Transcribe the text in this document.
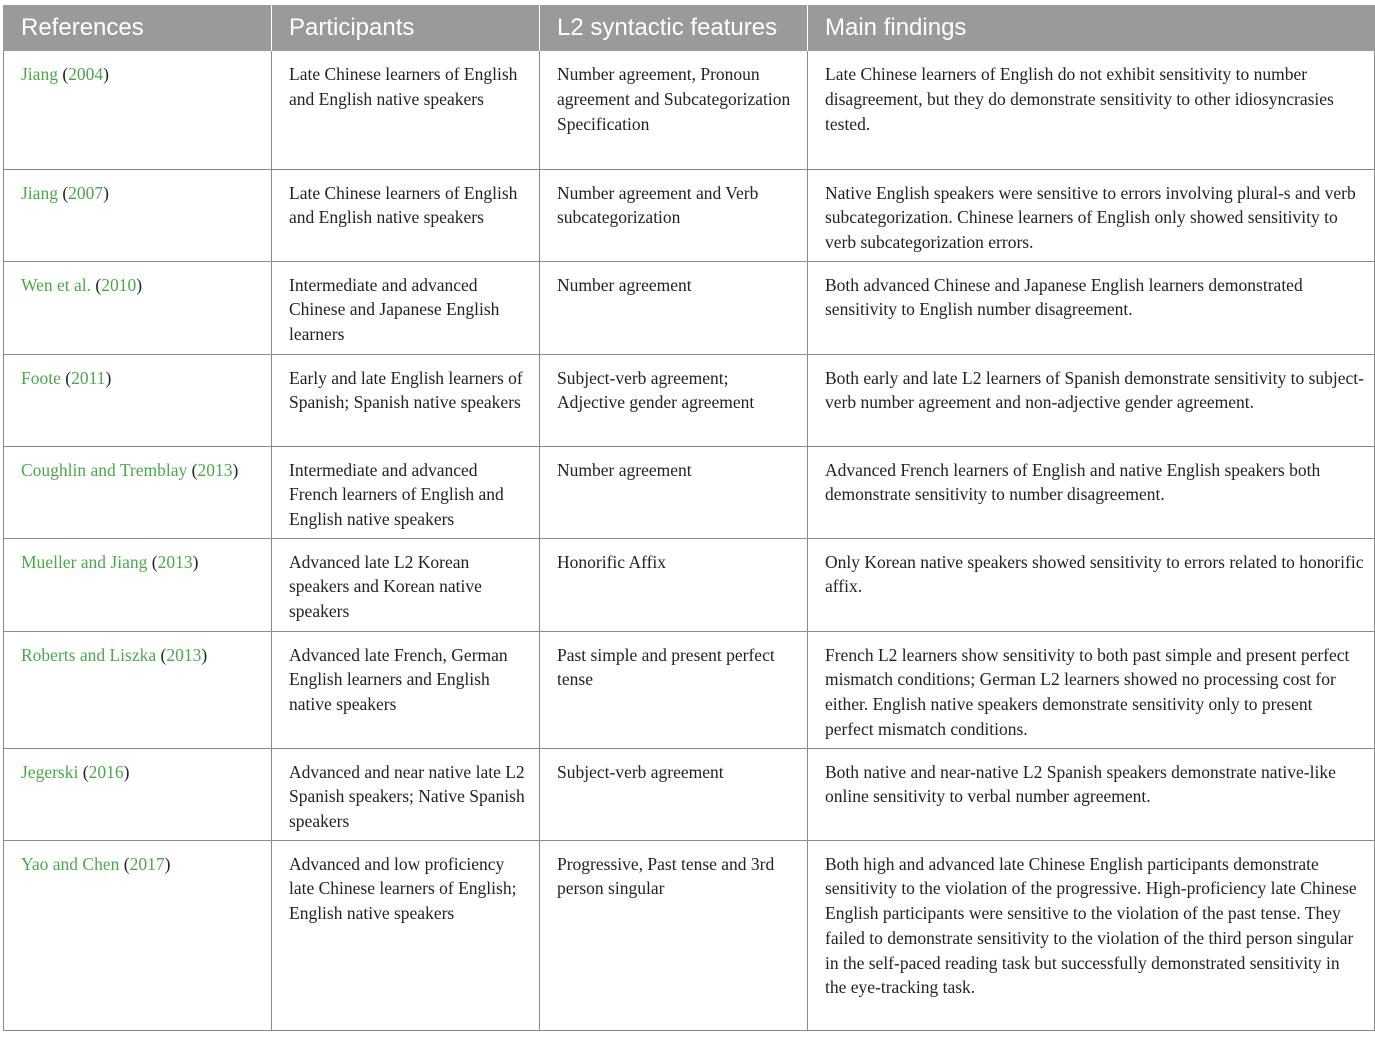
References	Participants	L2 syntactic features	Main findings
Jiang (2004)	Late Chinese learners of English and English native speakers	Number agreement, Pronoun agreement and Subcategorization Specification	Late Chinese learners of English do not exhibit sensitivity to number disagreement, but they do demonstrate sensitivity to other idiosyncrasies tested.
Jiang (2007)	Late Chinese learners of English and English native speakers	Number agreement and Verb subcategorization	Native English speakers were sensitive to errors involving plural-s and verb subcategorization. Chinese learners of English only showed sensitivity to verb subcategorization errors.
Wen et al. (2010)	Intermediate and advanced Chinese and Japanese English learners	Number agreement	Both advanced Chinese and Japanese English learners demonstrated sensitivity to English number disagreement.
Foote (2011)	Early and late English learners of Spanish; Spanish native speakers	Subject-verb agreement; Adjective gender agreement	Both early and late L2 learners of Spanish demonstrate sensitivity to subject-verb number agreement and non-adjective gender agreement.
Coughlin and Tremblay (2013)	Intermediate and advanced French learners of English and English native speakers	Number agreement	Advanced French learners of English and native English speakers both demonstrate sensitivity to number disagreement.
Mueller and Jiang (2013)	Advanced late L2 Korean speakers and Korean native speakers	Honorific Affix	Only Korean native speakers showed sensitivity to errors related to honorific affix.
Roberts and Liszka (2013)	Advanced late French, German English learners and English native speakers	Past simple and present perfect tense	French L2 learners show sensitivity to both past simple and present perfect mismatch conditions; German L2 learners showed no processing cost for either. English native speakers demonstrate sensitivity only to present perfect mismatch conditions.
Jegerski (2016)	Advanced and near native late L2 Spanish speakers; Native Spanish speakers	Subject-verb agreement	Both native and near-native L2 Spanish speakers demonstrate native-like online sensitivity to verbal number agreement.
Yao and Chen (2017)	Advanced and low proficiency late Chinese learners of English; English native speakers	Progressive, Past tense and 3rd person singular	Both high and advanced late Chinese English participants demonstrate sensitivity to the violation of the progressive. High-proficiency late Chinese English participants were sensitive to the violation of the past tense. They failed to demonstrate sensitivity to the violation of the third person singular in the self-paced reading task but successfully demonstrated sensitivity in the eye-tracking task.
